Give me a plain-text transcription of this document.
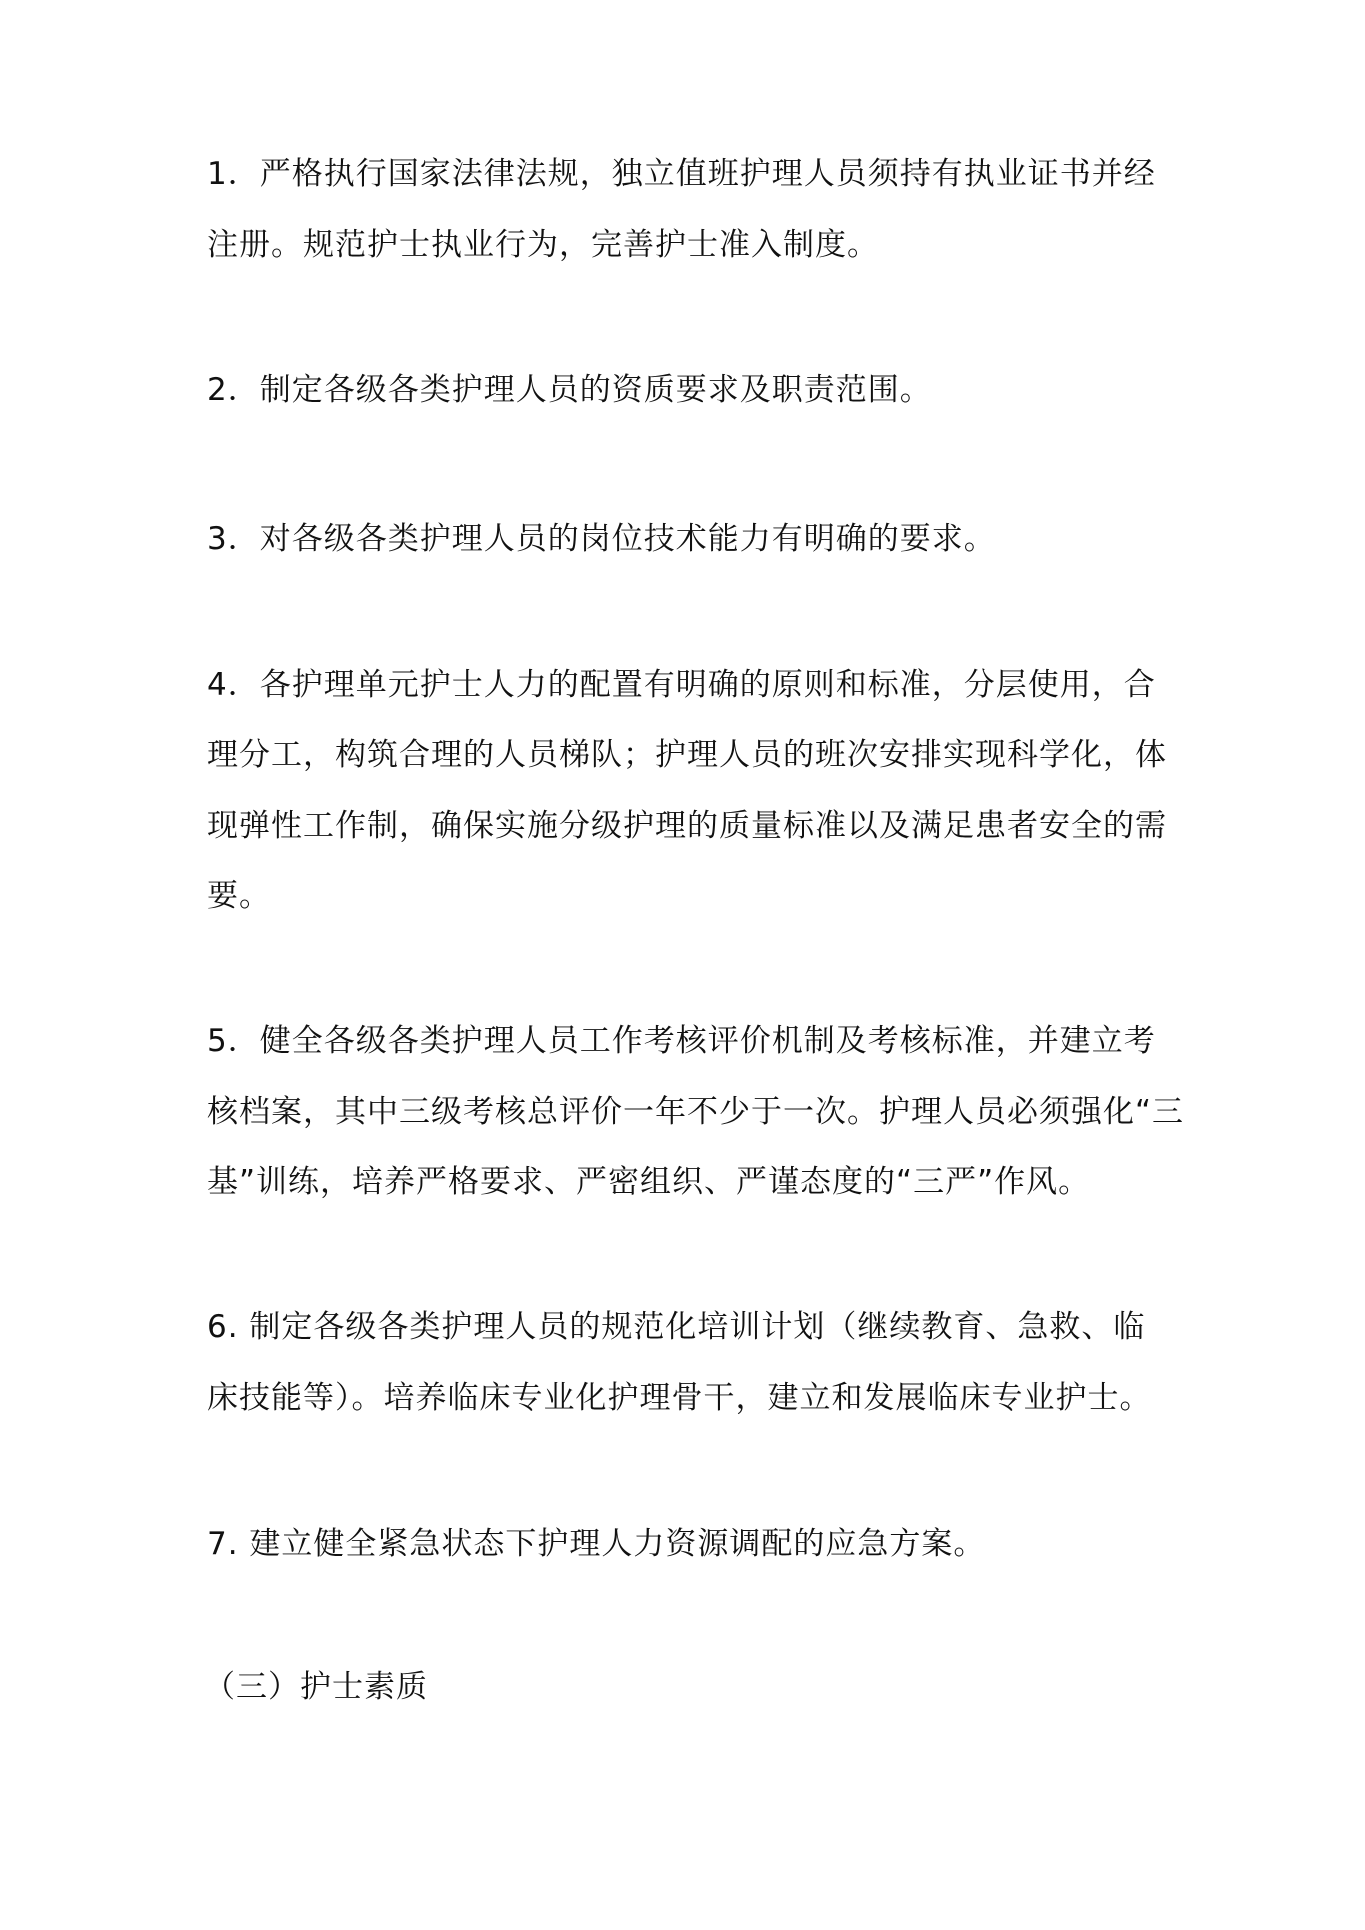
1．严格执行国家法律法规，独立值班护理人员须持有执业证书并经
注册。规范护士执业行为，完善护士准入制度。
2．制定各级各类护理人员的资质要求及职责范围。
3．对各级各类护理人员的岗位技术能力有明确的要求。
4．各护理单元护士人力的配置有明确的原则和标准，分层使用，合
理分工，构筑合理的人员梯队；护理人员的班次安排实现科学化，体
现弹性工作制，确保实施分级护理的质量标准以及满足患者安全的需
要。
5．健全各级各类护理人员工作考核评价机制及考核标准，并建立考
核档案，其中三级考核总评价一年不少于一次。护理人员必须强化“三
基”训练，培养严格要求、严密组织、严谨态度的“三严”作风。
6. 制定各级各类护理人员的规范化培训计划（继续教育、急救、临
床技能等）。培养临床专业化护理骨干，建立和发展临床专业护士。
7. 建立健全紧急状态下护理人力资源调配的应急方案。
（三）护士素质
